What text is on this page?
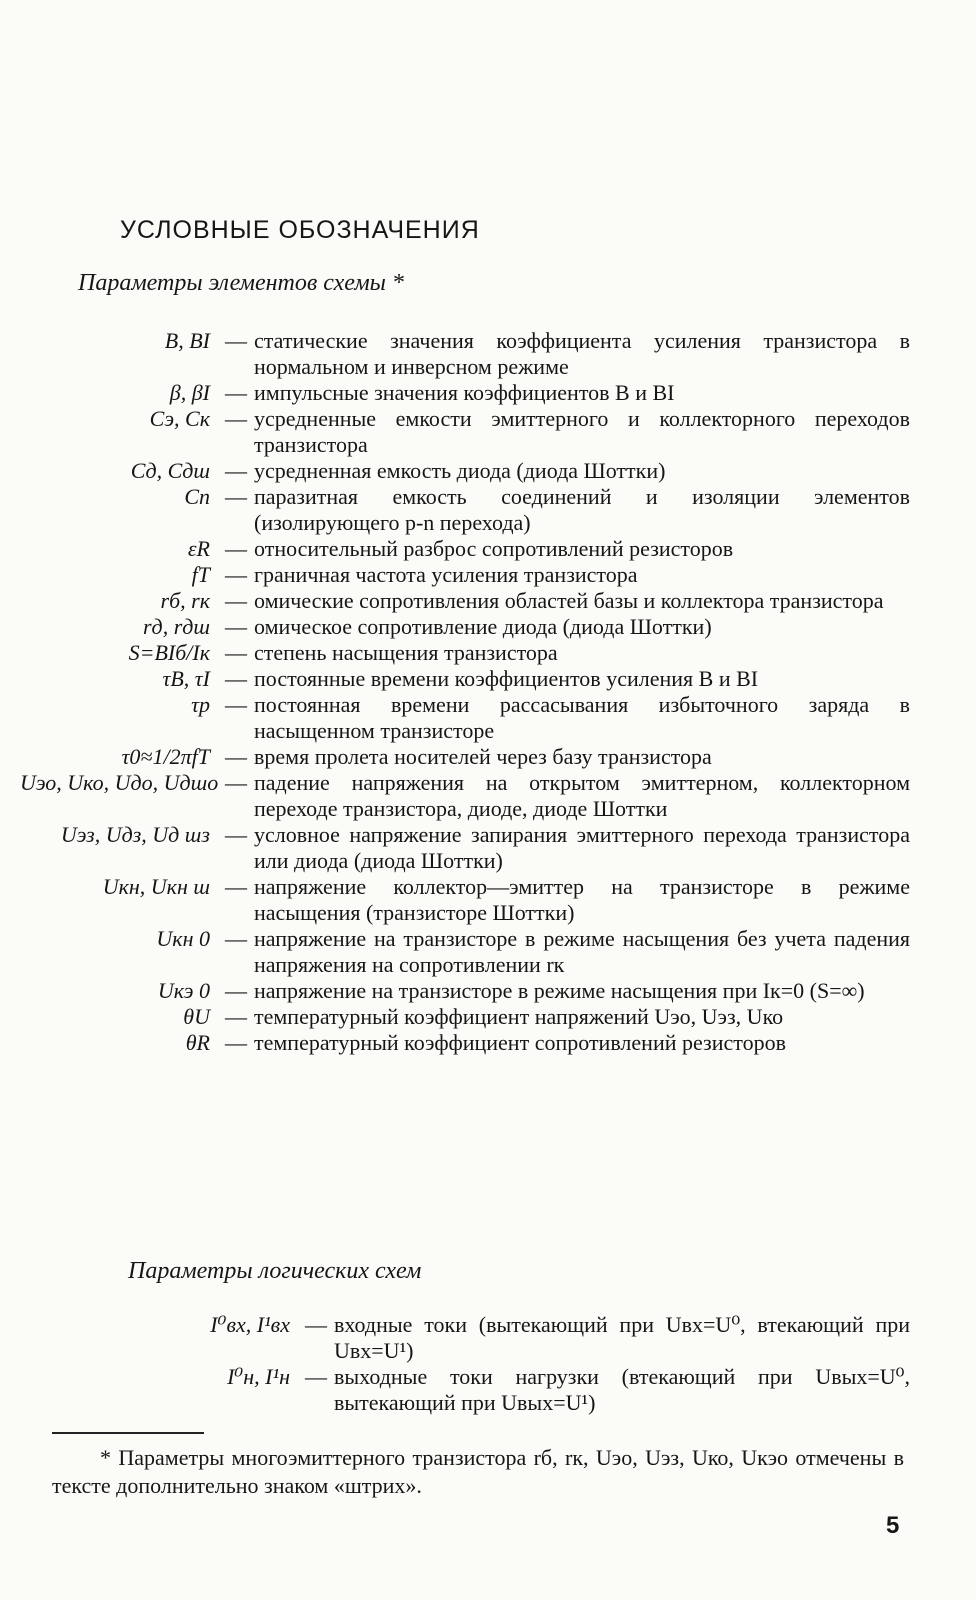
УСЛОВНЫЕ ОБОЗНАЧЕНИЯ
Параметры элементов схемы *
B, BI — статические значения коэффициента усиления транзистора в нормальном и инверсном режиме
β, βI — импульсные значения коэффициентов B и BI
Cэ, Cк — усредненные емкости эмиттерного и коллекторного переходов транзистора
Cд, Cдш — усредненная емкость диода (диода Шоттки)
Cп — паразитная емкость соединений и изоляции элементов (изолирующего p-n перехода)
εR — относительный разброс сопротивлений резисторов
fT — граничная частота усиления транзистора
rб, rк — омические сопротивления областей базы и коллектора транзистора
rд, rдш — омическое сопротивление диода (диода Шоттки)
S=BIб/Iк — степень насыщения транзистора
τB, τI — постоянные времени коэффициентов усиления B и BI
τр — постоянная времени рассасывания избыточного заряда в насыщенном транзисторе
τ0≈1/2πfT — время пролета носителей через базу транзистора
Uэо, Uко, Uдо, Uдшо — падение напряжения на открытом эмиттерном, коллекторном переходе транзистора, диоде, диоде Шоттки
Uэз, Uдз, Uд шз — условное напряжение запирания эмиттерного перехода транзистора или диода (диода Шоттки)
Uкн, Uкн ш — напряжение коллектор—эмиттер на транзисторе в режиме насыщения (транзисторе Шоттки)
Uкн 0 — напряжение на транзисторе в режиме насыщения без учета падения напряжения на сопротивлении rк
Uкэ 0 — напряжение на транзисторе в режиме насыщения при Iк=0 (S=∞)
θU — температурный коэффициент напряжений Uэо, Uэз, Uко
θR — температурный коэффициент сопротивлений резисторов
Параметры логических схем
I⁰вх, I¹вх — входные токи (вытекающий при Uвх=U⁰, втекающий при Uвх=U¹)
I⁰н, I¹н — выходные токи нагрузки (втекающий при Uвых=U⁰, вытекающий при Uвых=U¹)
* Параметры многоэмиттерного транзистора rб, rк, Uэо, Uэз, Uко, Uкэо отмечены в тексте дополнительно знаком «штрих».
5
